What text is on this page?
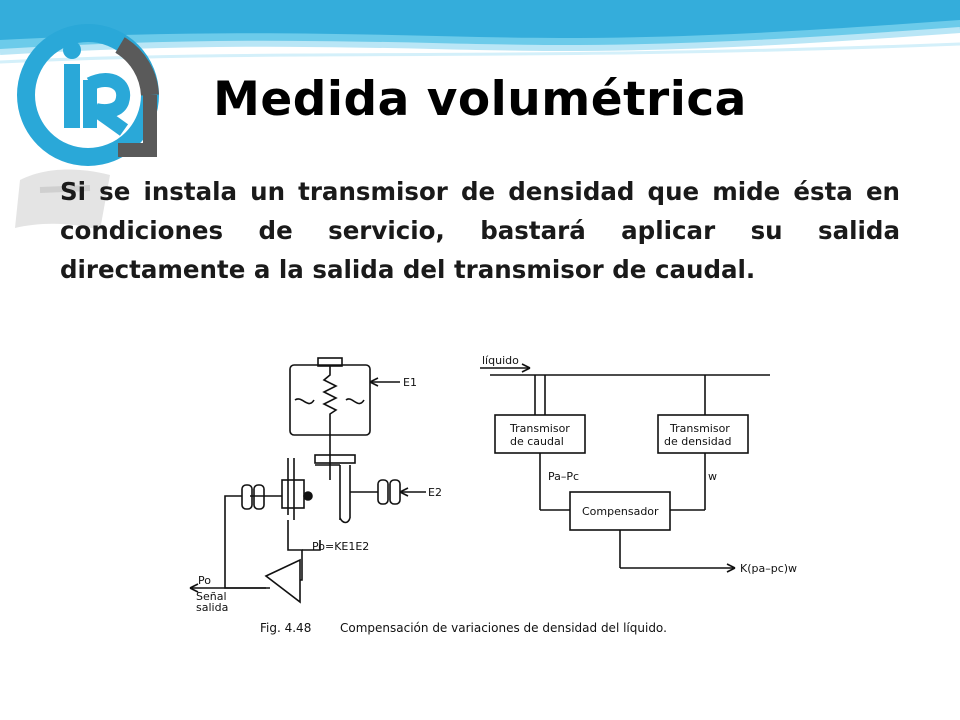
Medida volumétrica

Si se instala un transmisor de densidad que mide ésta en condiciones de servicio, bastará aplicar su salida directamente a la salida del transmisor de caudal.

E1
E2
Po=KE1E2
Po
Señal
salida
líquido
Transmisor
de caudal
Transmisor
de densidad
Pa–Pc	w
Compensador
K(pa–pc)w
Fig. 4.48 Compensación de variaciones de densidad del líquido.
